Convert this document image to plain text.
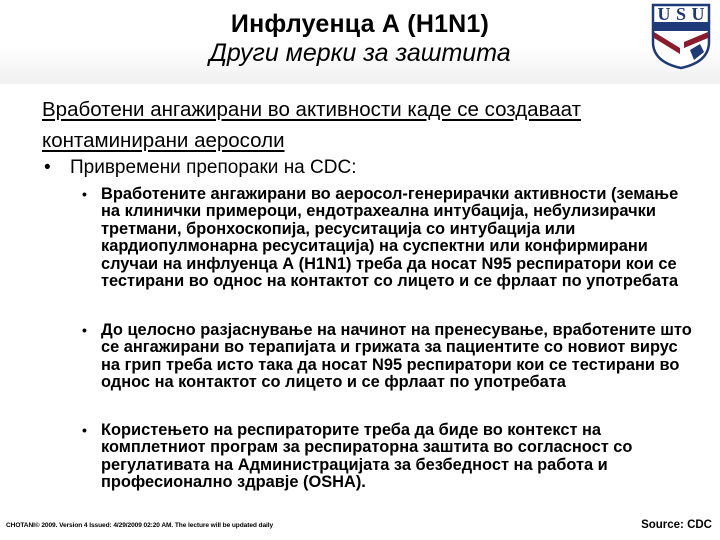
Инфлуенца А (H1N1)
Други мерки за заштита
U S U
Вработени ангажирани во активности каде се создаваат контаминирани аеросоли
• Привремени препораки на CDC:
• Вработените ангажирани во аеросол-генерирачки активности (земање на клинички примероци, ендотрахеална интубација, небулизирачки третмани, бронхоскопија, ресуситација со интубација или кардиопулмонарна ресуситација) на суспектни или конфирмирани случаи на инфлуенца А (H1N1) треба да носат N95 респиратори кои се тестирани во однос на контактот со лицето и се фрлаат по употребата
• До целосно разјаснување на начинот на пренесување, вработените што се ангажирани во терапијата и грижата за пациентите со новиот вирус на грип треба исто така да носат N95 респиратори кои се тестирани во однос на контактот со лицето и се фрлаат по употребата
• Користењето на респираторите треба да биде во контекст на комплетниот програм за респираторна заштита во согласност со регулативата на Администрацијата за безбедност на работа и професионално здравје (OSHA).
CHOTANI© 2009. Version 4 Issued: 4/29/2009 02:20 AM. The lecture will be updated daily	Source: CDC
